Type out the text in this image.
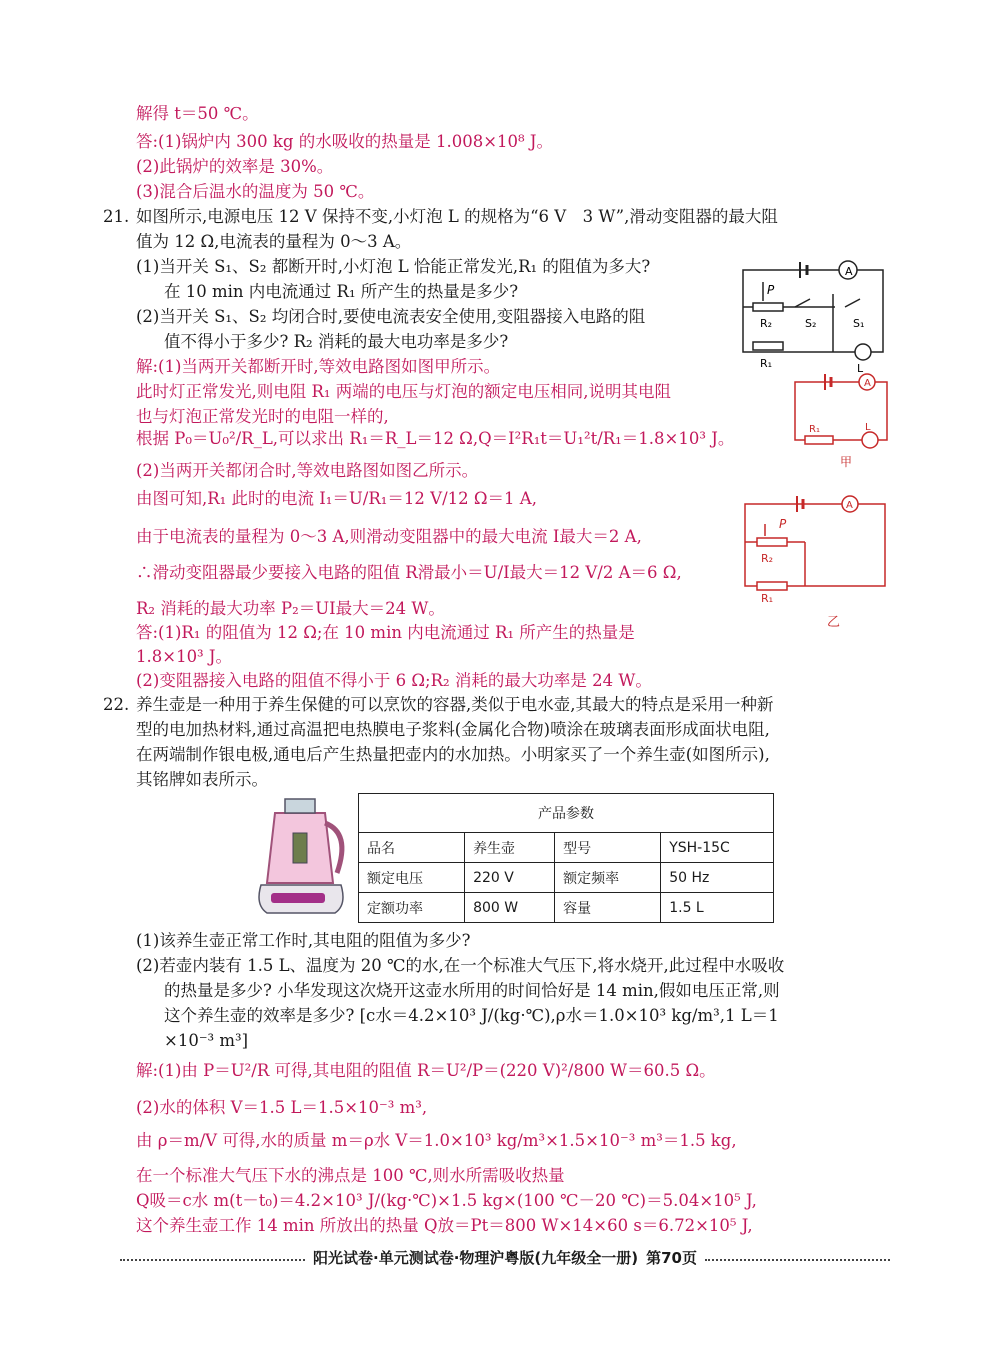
解得 t＝50 ℃。
答:(1)锅炉内 300 kg 的水吸收的热量是 1.008×10⁸ J。
(2)此锅炉的效率是 30%。
(3)混合后温水的温度为 50 ℃。
21. 如图所示,电源电压 12 V 保持不变,小灯泡 L 的规格为“6 V　3 W”,滑动变阻器的最大阻
值为 12 Ω,电流表的量程为 0～3 A。
(1)当开关 S₁、S₂ 都断开时,小灯泡 L 恰能正常发光,R₁ 的阻值为多大?
在 10 min 内电流通过 R₁ 所产生的热量是多少?
(2)当开关 S₁、S₂ 均闭合时,要使电流表安全使用,变阻器接入电路的阻
值不得小于多少? R₂ 消耗的最大电功率是多少?
解:(1)当两开关都断开时,等效电路图如图甲所示。
此时灯正常发光,则电阻 R₁ 两端的电压与灯泡的额定电压相同,说明其电阻
也与灯泡正常发光时的电阻一样的,
根据 P₀＝U₀²/R_L,可以求出 R₁＝R_L＝12 Ω,Q＝I²R₁t＝U₁²t/R₁＝1.8×10³ J。
(2)当两开关都闭合时,等效电路图如图乙所示。
由图可知,R₁ 此时的电流 I₁＝U/R₁＝12 V/12 Ω＝1 A,
由于电流表的量程为 0～3 A,则滑动变阻器中的最大电流 I最大＝2 A,
∴滑动变阻器最少要接入电路的阻值 R滑最小＝U/I最大＝12 V/2 A＝6 Ω,
R₂ 消耗的最大功率 P₂＝UI最大＝24 W。
答:(1)R₁ 的阻值为 12 Ω;在 10 min 内电流通过 R₁ 所产生的热量是
1.8×10³ J。
(2)变阻器接入电路的阻值不得小于 6 Ω;R₂ 消耗的最大功率是 24 W。
A
P
R₂	S₂	S₁
R₁	L
A
R₁	L
甲
A
P
R₂
R₁
乙
22. 养生壶是一种用于养生保健的可以烹饮的容器,类似于电水壶,其最大的特点是采用一种新
型的电加热材料,通过高温把电热膜电子浆料(金属化合物)喷涂在玻璃表面形成面状电阻,
在两端制作银电极,通电后产生热量把壶内的水加热。小明家买了一个养生壶(如图所示),
其铭牌如表所示。
产品参数			
品名	养生壶	型号	YSH-15C
额定电压	220 V	额定频率	50 Hz
定额功率	800 W	容量	1.5 L
(1)该养生壶正常工作时,其电阻的阻值为多少?
(2)若壶内装有 1.5 L、温度为 20 ℃的水,在一个标准大气压下,将水烧开,此过程中水吸收
的热量是多少? 小华发现这次烧开这壶水所用的时间恰好是 14 min,假如电压正常,则
这个养生壶的效率是多少? [c水＝4.2×10³ J/(kg·℃),ρ水＝1.0×10³ kg/m³,1 L＝1
×10⁻³ m³]
解:(1)由 P＝U²/R 可得,其电阻的阻值 R＝U²/P＝(220 V)²/800 W＝60.5 Ω。
(2)水的体积 V＝1.5 L＝1.5×10⁻³ m³,
由 ρ＝m/V 可得,水的质量 m＝ρ水 V＝1.0×10³ kg/m³×1.5×10⁻³ m³＝1.5 kg,
在一个标准大气压下水的沸点是 100 ℃,则水所需吸收热量
Q吸＝c水 m(t－t₀)＝4.2×10³ J/(kg·℃)×1.5 kg×(100 ℃－20 ℃)＝5.04×10⁵ J,
这个养生壶工作 14 min 所放出的热量 Q放＝Pt＝800 W×14×60 s＝6.72×10⁵ J,
阳光试卷·单元测试卷·物理沪粤版(九年级全一册) 第70页
